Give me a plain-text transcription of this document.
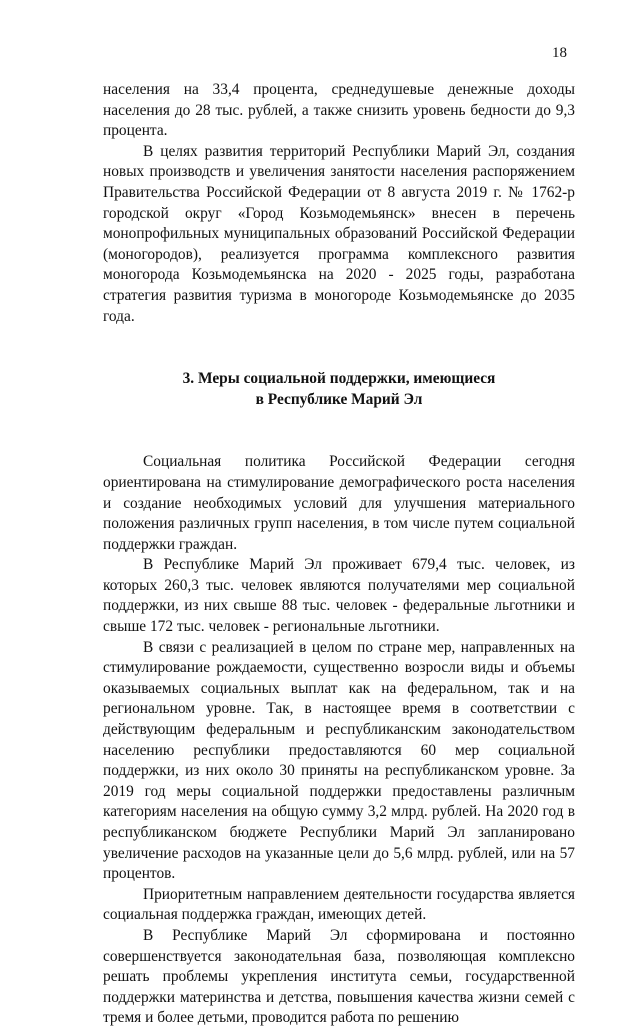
18

населения на 33,4 процента, среднедушевые денежные доходы населения до 28 тыс. рублей, а также снизить уровень бедности до 9,3 процента.

В целях развития территорий Республики Марий Эл, создания новых производств и увеличения занятости населения распоряжением Правительства Российской Федерации от 8 августа 2019 г. № 1762-р городской округ «Город Козьмодемьянск» внесен в перечень монопрофильных муниципальных образований Российской Федерации (моногородов), реализуется программа комплексного развития моногорода Козьмодемьянска на 2020 - 2025 годы, разработана стратегия развития туризма в моногороде Козьмодемьянске до 2035 года.

3. Меры социальной поддержки, имеющиеся
в Республике Марий Эл

Социальная политика Российской Федерации сегодня ориентирована на стимулирование демографического роста населения и создание необходимых условий для улучшения материального положения различных групп населения, в том числе путем социальной поддержки граждан.

В Республике Марий Эл проживает 679,4 тыс. человек, из которых 260,3 тыс. человек являются получателями мер социальной поддержки, из них свыше 88 тыс. человек - федеральные льготники и свыше 172 тыс. человек - региональные льготники.

В связи с реализацией в целом по стране мер, направленных на стимулирование рождаемости, существенно возросли виды и объемы оказываемых социальных выплат как на федеральном, так и на региональном уровне. Так, в настоящее время в соответствии с действующим федеральным и республиканским законодательством населению республики предоставляются 60 мер социальной поддержки, из них около 30 приняты на республиканском уровне. За 2019 год меры социальной поддержки предоставлены различным категориям населения на общую сумму 3,2 млрд. рублей. На 2020 год в республиканском бюджете Республики Марий Эл запланировано увеличение расходов на указанные цели до 5,6 млрд. рублей, или на 57 процентов.

Приоритетным направлением деятельности государства является социальная поддержка граждан, имеющих детей.

В Республике Марий Эл сформирована и постоянно совершенствуется законодательная база, позволяющая комплексно решать проблемы укрепления института семьи, государственной поддержки материнства и детства, повышения качества жизни семей с тремя и более детьми, проводится работа по решению
